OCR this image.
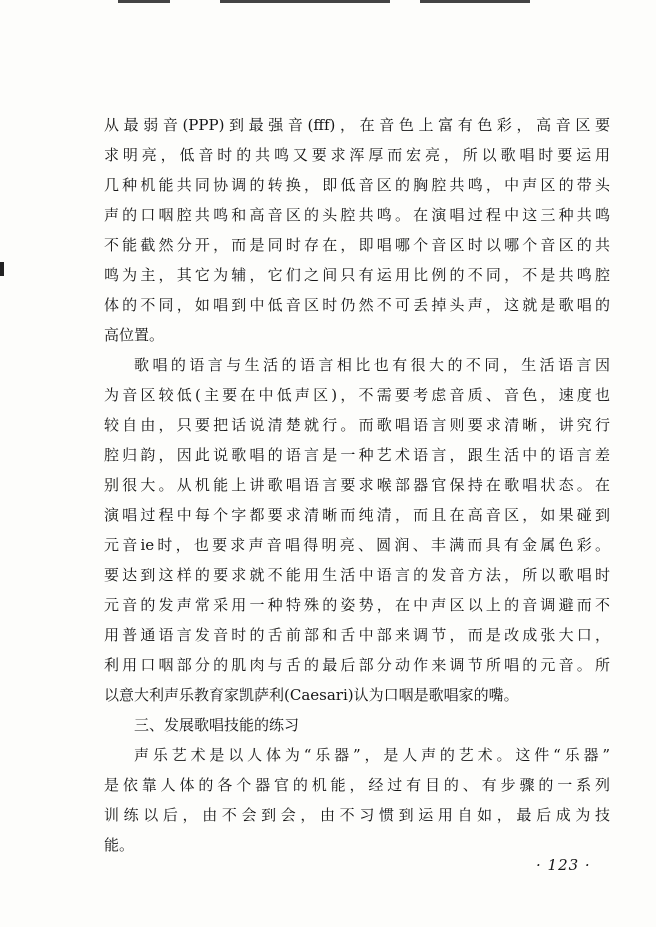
从最弱音(PPP)到最强音(fff)，在音色上富有色彩，高音区要
求明亮，低音时的共鸣又要求浑厚而宏亮，所以歌唱时要运用
几种机能共同协调的转换，即低音区的胸腔共鸣，中声区的带头
声的口咽腔共鸣和高音区的头腔共鸣。在演唱过程中这三种共鸣
不能截然分开，而是同时存在，即唱哪个音区时以哪个音区的共
鸣为主，其它为辅，它们之间只有运用比例的不同，不是共鸣腔
体的不同，如唱到中低音区时仍然不可丢掉头声，这就是歌唱的
高位置。
歌唱的语言与生活的语言相比也有很大的不同，生活语言因
为音区较低(主要在中低声区)，不需要考虑音质、音色，速度也
较自由，只要把话说清楚就行。而歌唱语言则要求清晰，讲究行
腔归韵，因此说歌唱的语言是一种艺术语言，跟生活中的语言差
别很大。从机能上讲歌唱语言要求喉部器官保持在歌唱状态。在
演唱过程中每个字都要求清晰而纯清，而且在高音区，如果碰到
元音ie时，也要求声音唱得明亮、圆润、丰满而具有金属色彩。
要达到这样的要求就不能用生活中语言的发音方法，所以歌唱时
元音的发声常采用一种特殊的姿势，在中声区以上的音调避而不
用普通语言发音时的舌前部和舌中部来调节，而是改成张大口，
利用口咽部分的肌肉与舌的最后部分动作来调节所唱的元音。所
以意大利声乐教育家凯萨利(Caesari)认为口咽是歌唱家的嘴。
三、发展歌唱技能的练习
声乐艺术是以人体为“乐器”，是人声的艺术。这件“乐器”
是依靠人体的各个器官的机能，经过有目的、有步骤的一系列
训练以后，由不会到会，由不习惯到运用自如，最后成为技
能。
· 123 ·
